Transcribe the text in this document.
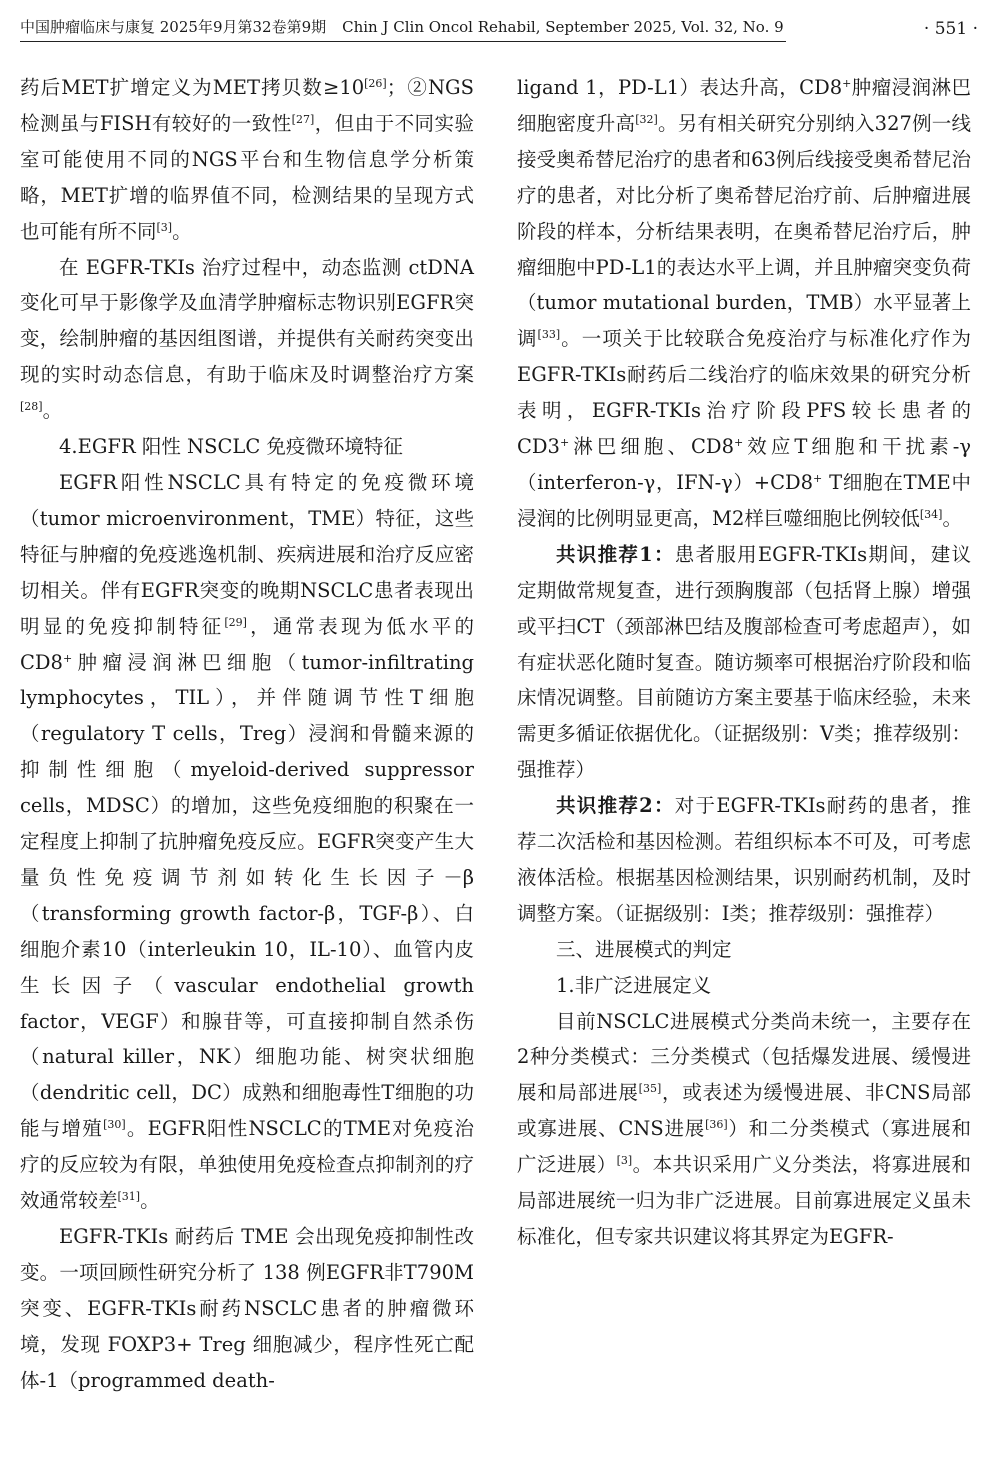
中国肿瘤临床与康复 2025年9月第32卷第9期 Chin J Clin Oncol Rehabil, September 2025, Vol. 32, No. 9	· 551 ·

药后MET扩增定义为MET拷贝数≥10[26]；②NGS检测虽与FISH有较好的一致性[27]，但由于不同实验室可能使用不同的NGS平台和生物信息学分析策略，MET扩增的临界值不同，检测结果的呈现方式也可能有所不同[3]。

在 EGFR-TKIs 治疗过程中，动态监测 ctDNA 变化可早于影像学及血清学肿瘤标志物识别EGFR突变，绘制肿瘤的基因组图谱，并提供有关耐药突变出现的实时动态信息，有助于临床及时调整治疗方案[28]。

4.EGFR 阳性 NSCLC 免疫微环境特征

EGFR阳性NSCLC具有特定的免疫微环境（tumor microenvironment，TME）特征，这些特征与肿瘤的免疫逃逸机制、疾病进展和治疗反应密切相关。伴有EGFR突变的晚期NSCLC患者表现出明显的免疫抑制特征[29]，通常表现为低水平的CD8+肿瘤浸润淋巴细胞（tumor-infiltrating lymphocytes，TIL），并伴随调节性T细胞（regulatory T cells，Treg）浸润和骨髓来源的抑制性细胞（myeloid-derived suppressor cells，MDSC）的增加，这些免疫细胞的积聚在一定程度上抑制了抗肿瘤免疫反应。EGFR突变产生大量负性免疫调节剂如转化生长因子－β（transforming growth factor-β，TGF-β）、白细胞介素10（interleukin 10，IL-10）、血管内皮生长因子（vascular endothelial growth factor，VEGF）和腺苷等，可直接抑制自然杀伤（natural killer，NK）细胞功能、树突状细胞（dendritic cell，DC）成熟和细胞毒性T细胞的功能与增殖[30]。EGFR阳性NSCLC的TME对免疫治疗的反应较为有限，单独使用免疫检查点抑制剂的疗效通常较差[31]。

EGFR-TKIs 耐药后 TME 会出现免疫抑制性改变。一项回顾性研究分析了 138 例EGFR非T790M突变、EGFR-TKIs耐药NSCLC患者的肿瘤微环境，发现 FOXP3+ Treg 细胞减少，程序性死亡配体-1（programmed death-

ligand 1，PD-L1）表达升高，CD8+肿瘤浸润淋巴细胞密度升高[32]。另有相关研究分别纳入327例一线接受奥希替尼治疗的患者和63例后线接受奥希替尼治疗的患者，对比分析了奥希替尼治疗前、后肿瘤进展阶段的样本，分析结果表明，在奥希替尼治疗后，肿瘤细胞中PD-L1的表达水平上调，并且肿瘤突变负荷（tumor mutational burden，TMB）水平显著上调[33]。一项关于比较联合免疫治疗与标准化疗作为EGFR-TKIs耐药后二线治疗的临床效果的研究分析表明，EGFR-TKIs治疗阶段PFS较长患者的CD3+淋巴细胞、CD8+效应T细胞和干扰素-γ（interferon-γ，IFN-γ）+CD8+ T细胞在TME中浸润的比例明显更高，M2样巨噬细胞比例较低[34]。

共识推荐1：患者服用EGFR-TKIs期间，建议定期做常规复查，进行颈胸腹部（包括肾上腺）增强或平扫CT（颈部淋巴结及腹部检查可考虑超声），如有症状恶化随时复查。随访频率可根据治疗阶段和临床情况调整。目前随访方案主要基于临床经验，未来需更多循证依据优化。（证据级别：V类；推荐级别：强推荐）

共识推荐2：对于EGFR-TKIs耐药的患者，推荐二次活检和基因检测。若组织标本不可及，可考虑液体活检。根据基因检测结果，识别耐药机制，及时调整方案。（证据级别：Ⅰ类；推荐级别：强推荐）

三、进展模式的判定

1.非广泛进展定义

目前NSCLC进展模式分类尚未统一，主要存在2种分类模式：三分类模式（包括爆发进展、缓慢进展和局部进展[35]，或表述为缓慢进展、非CNS局部或寡进展、CNS进展[36]）和二分类模式（寡进展和广泛进展）[3]。本共识采用广义分类法，将寡进展和局部进展统一归为非广泛进展。目前寡进展定义虽未标准化，但专家共识建议将其界定为EGFR-
